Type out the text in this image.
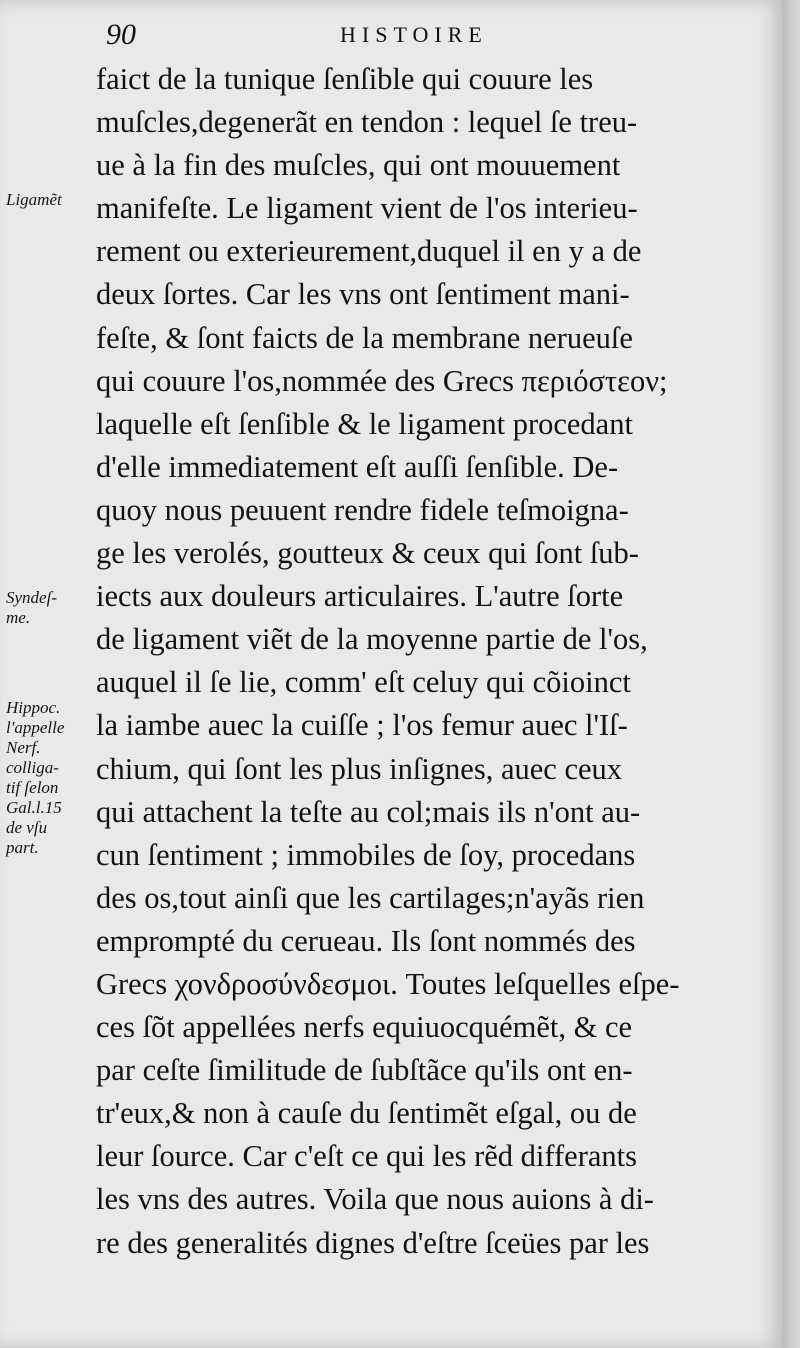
90	HISTOIRE
Ligamẽt
Syndeſ-
me.
Hippoc.
l'appelle
Nerf.
colliga-
tif ſelon
Gal.l.15
de vſu
part.
faict de la tunique ſenſible qui couure les
muſcles,degenerãt en tendon : lequel ſe treu-
ue à la fin des muſcles, qui ont mouuement
manifeſte. Le ligament vient de l'os interieu-
rement ou exterieurement,duquel il en y a de
deux ſortes. Car les vns ont ſentiment mani-
feſte, & ſont faicts de la membrane nerueuſe
qui couure l'os,nommée des Grecs περιόστεον;
laquelle eſt ſenſible & le ligament procedant
d'elle immediatement eſt auſſi ſenſible. De-
quoy nous peuuent rendre fidele teſmoigna-
ge les verolés, goutteux & ceux qui ſont ſub-
iects aux douleurs articulaires. L'autre ſorte
de ligament viẽt de la moyenne partie de l'os,
auquel il ſe lie, comm' eſt celuy qui cõioinct
la iambe auec la cuiſſe ; l'os femur auec l'Iſ-
chium, qui ſont les plus inſignes, auec ceux
qui attachent la teſte au col;mais ils n'ont au-
cun ſentiment ; immobiles de ſoy, procedans
des os,tout ainſi que les cartilages;n'ayãs rien
emprompté du cerueau. Ils ſont nommés des
Grecs χονδροσύνδεσμοι. Toutes leſquelles eſpe-
ces ſõt appellées nerfs equiuocquémẽt, & ce
par ceſte ſimilitude de ſubſtãce qu'ils ont en-
tr'eux,& non à cauſe du ſentimẽt eſgal, ou de
leur ſource. Car c'eſt ce qui les rẽd differants
les vns des autres. Voila que nous auions à di-
re des generalités dignes d'eſtre ſceües par les
